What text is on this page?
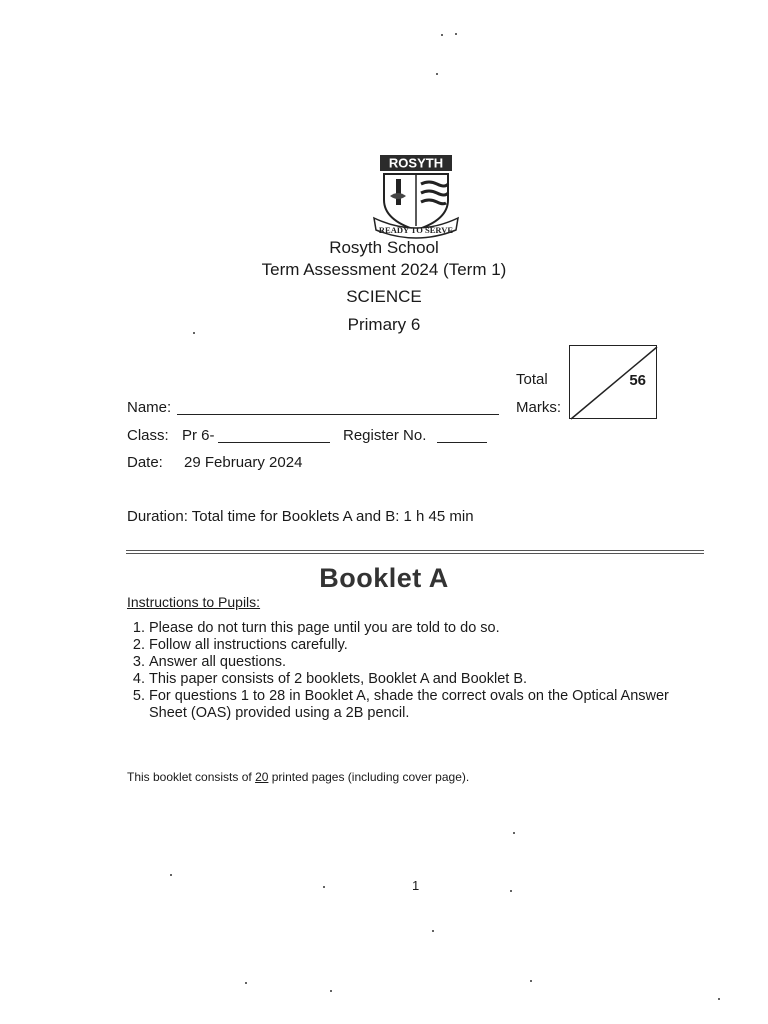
ROSYTH
READY TO SERVE
Rosyth School
Term Assessment 2024 (Term 1)
SCIENCE
Primary 6
Total
Marks:
56
Name:
Class: Pr 6-	Register No.
Date: 29 February 2024
Duration: Total time for Booklets A and B: 1 h 45 min
Booklet A
Instructions to Pupils:
1. Please do not turn this page until you are told to do so.
2. Follow all instructions carefully.
3. Answer all questions.
4. This paper consists of 2 booklets, Booklet A and Booklet B.
5. For questions 1 to 28 in Booklet A, shade the correct ovals on the Optical Answer Sheet (OAS) provided using a 2B pencil.
This booklet consists of 20 printed pages (including cover page).
1
